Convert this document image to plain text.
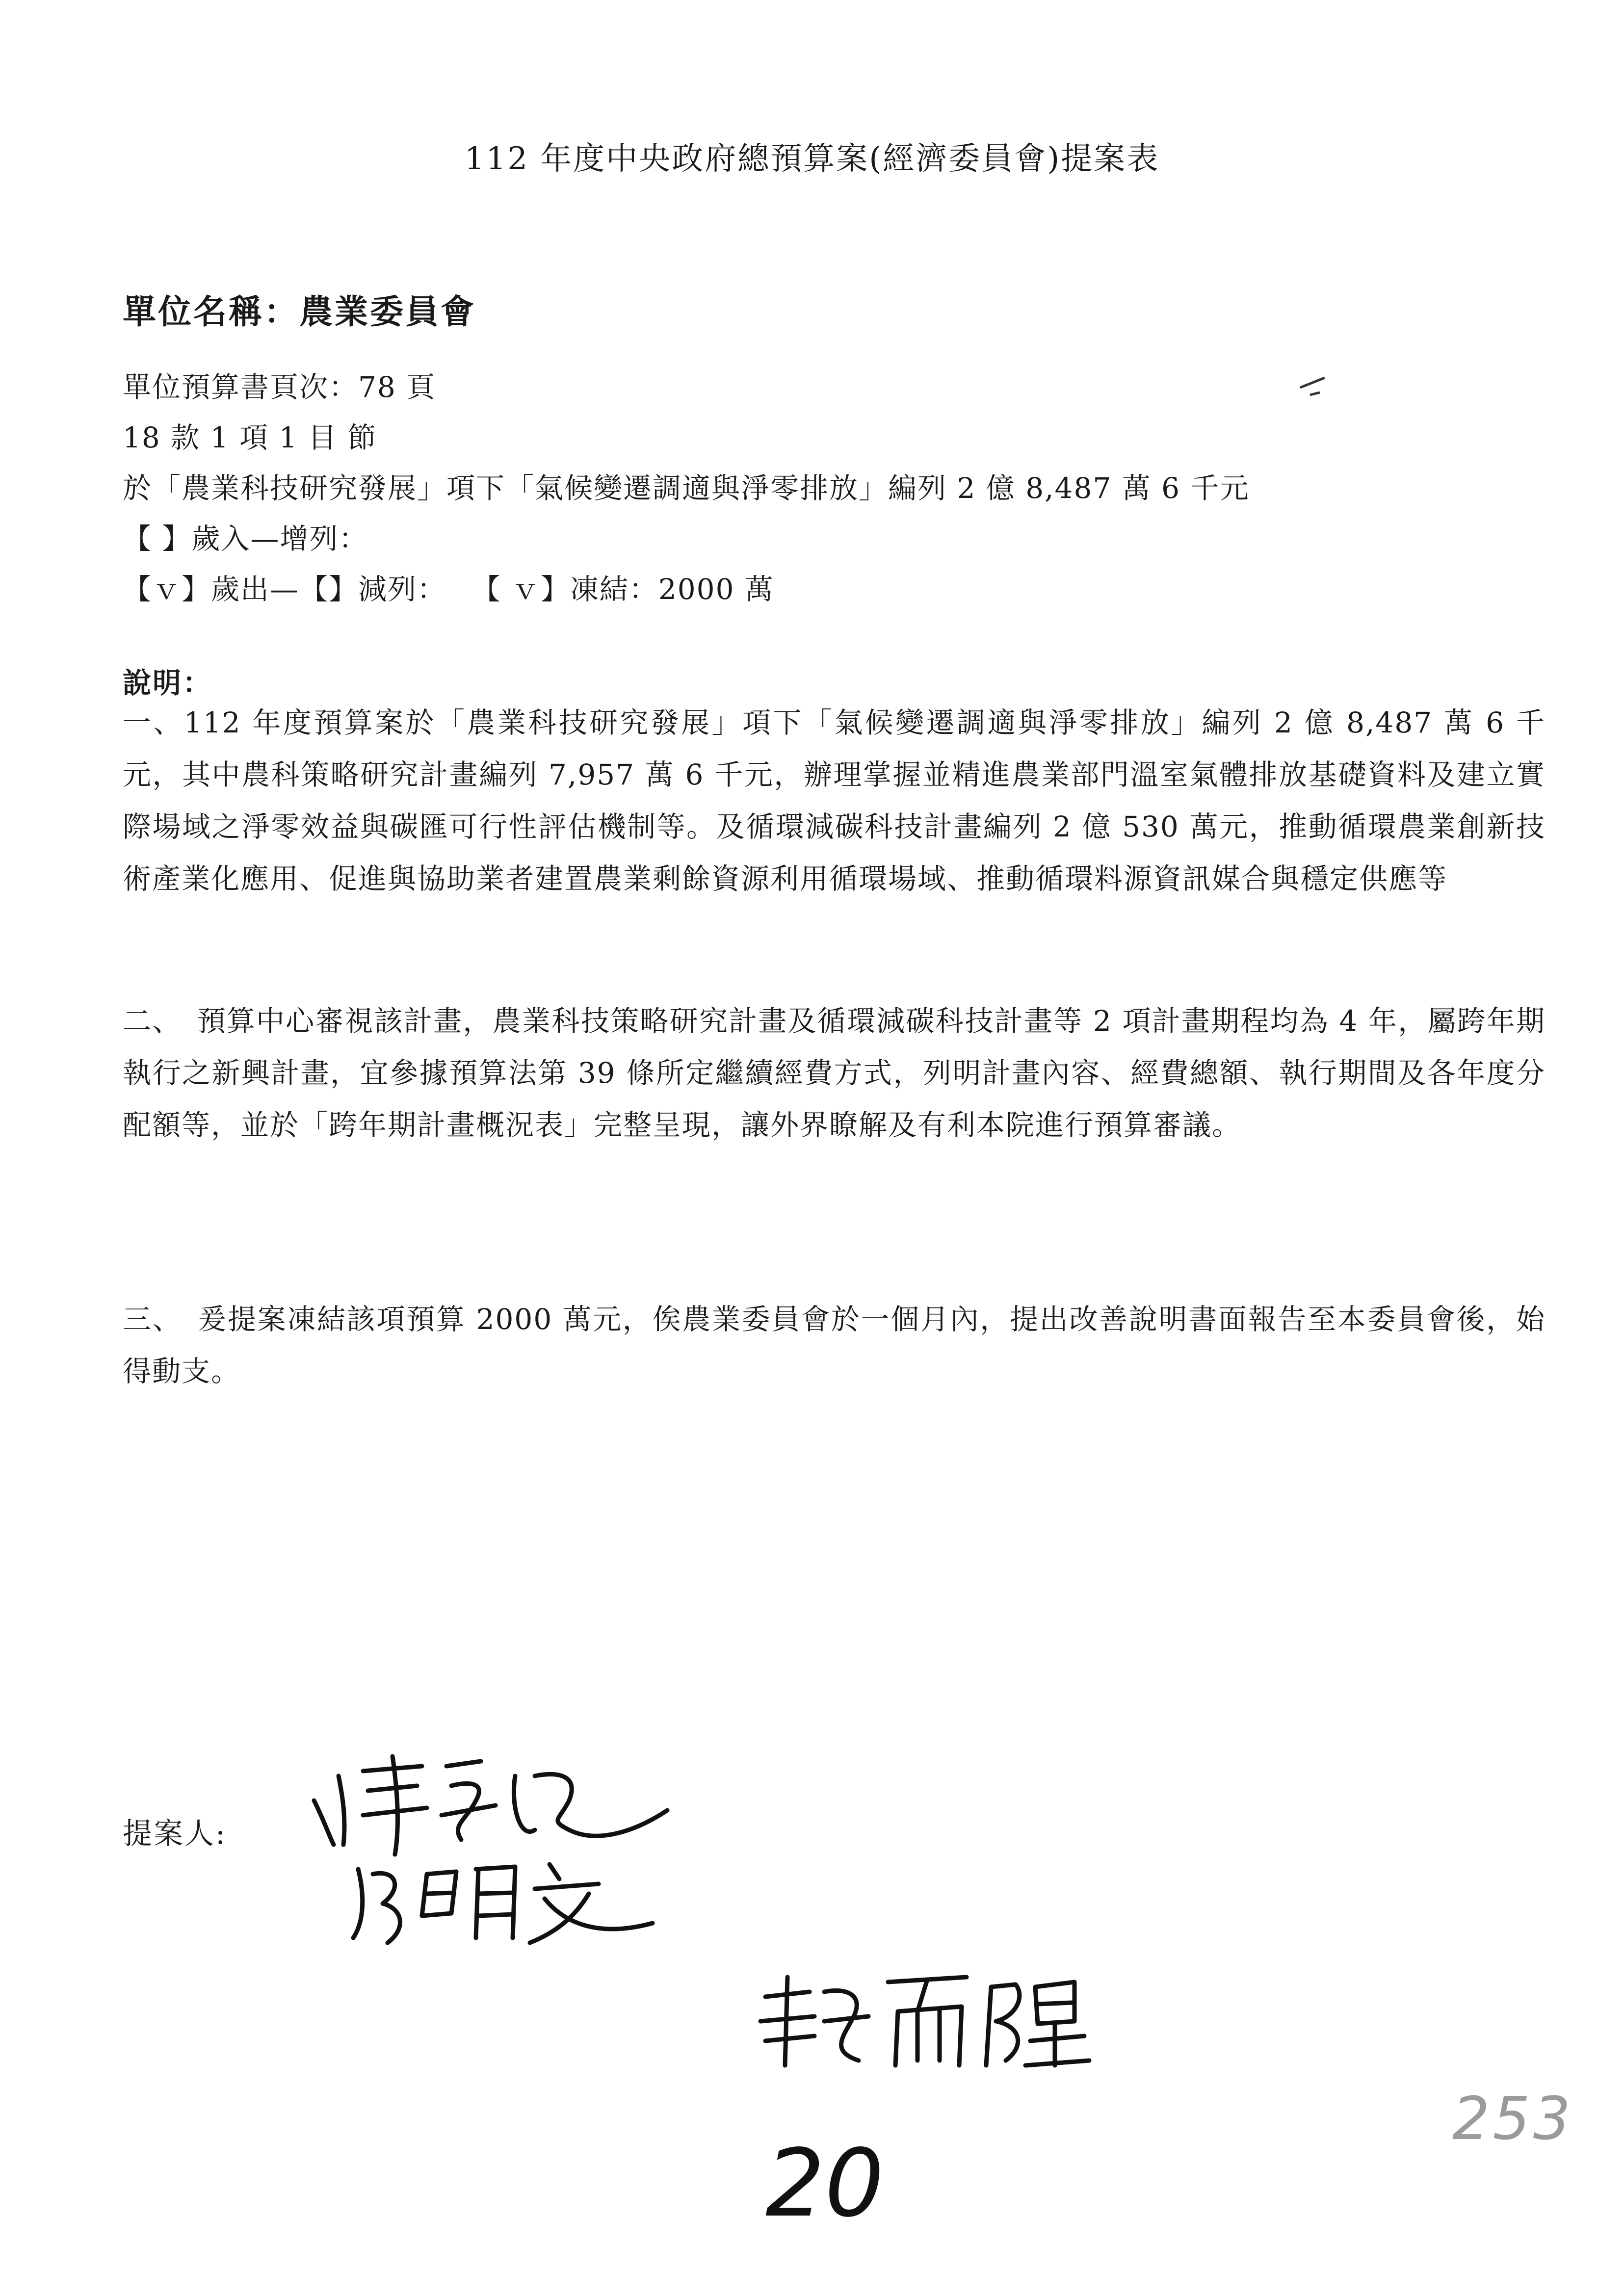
112 年度中央政府總預算案(經濟委員會)提案表
單位名稱：農業委員會
單位預算書頁次：78 頁
18 款 1 項 1 目 節
於「農業科技研究發展」項下「氣候變遷調適與淨零排放」編列 2 億 8,487 萬 6 千元
【 】歲入—增列：
【ｖ】歲出—【】減列：　 【 ｖ】凍結：2000 萬
說明：
一、112 年度預算案於「農業科技研究發展」項下「氣候變遷調適與淨零排放」編列 2 億 8,487 萬 6 千元，其中農科策略研究計畫編列 7,957 萬 6 千元，辦理掌握並精進農業部門溫室氣體排放基礎資料及建立實際場域之淨零效益與碳匯可行性評估機制等。及循環減碳科技計畫編列 2 億 530 萬元，推動循環農業創新技術產業化應用、促進與協助業者建置農業剩餘資源利用循環場域、推動循環料源資訊媒合與穩定供應等
二、　預算中心審視該計畫，農業科技策略研究計畫及循環減碳科技計畫等 2 項計畫期程均為 4 年，屬跨年期執行之新興計畫，宜參據預算法第 39 條所定繼續經費方式，列明計畫內容、經費總額、執行期間及各年度分配額等，並於「跨年期計畫概況表」完整呈現，讓外界瞭解及有利本院進行預算審議。
三、　爰提案凍結該項預算 2000 萬元，俟農業委員會於一個月內，提出改善說明書面報告至本委員會後，始得動支。
提案人:
20
253
